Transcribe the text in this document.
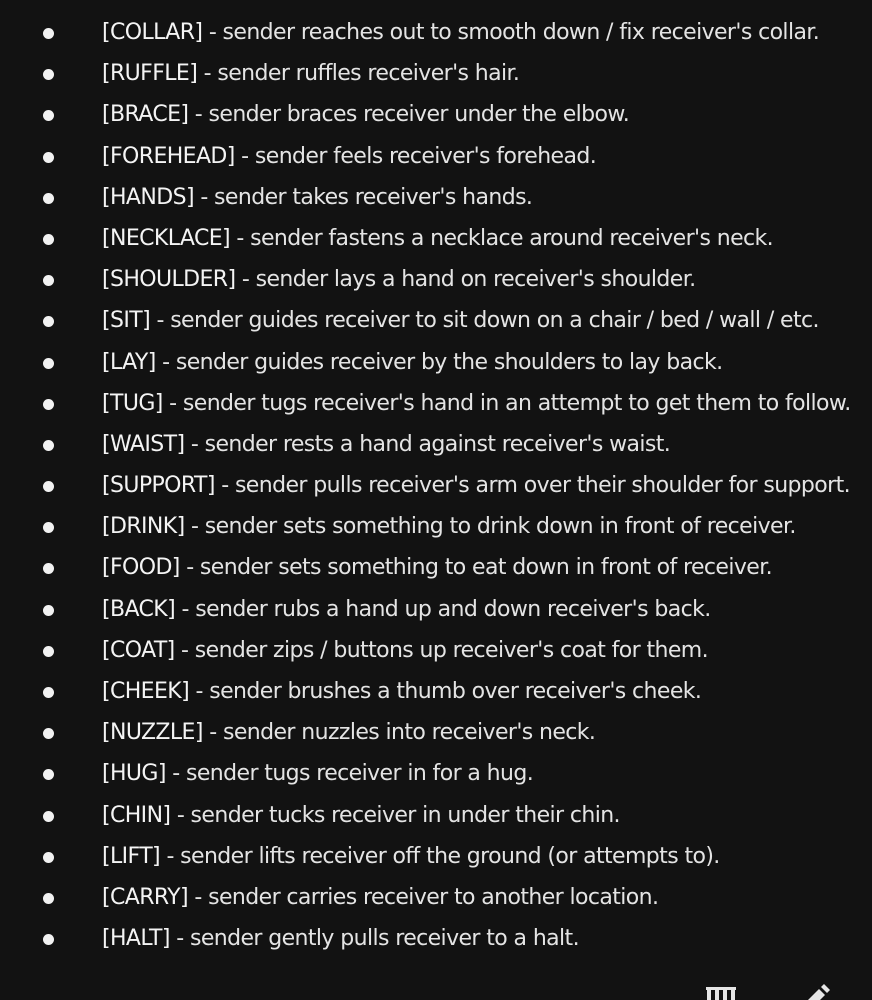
[COLLAR] - sender reaches out to smooth down / fix receiver's collar.
[RUFFLE] - sender ruffles receiver's hair.
[BRACE] - sender braces receiver under the elbow.
[FOREHEAD] - sender feels receiver's forehead.
[HANDS] - sender takes receiver's hands.
[NECKLACE] - sender fastens a necklace around receiver's neck.
[SHOULDER] - sender lays a hand on receiver's shoulder.
[SIT] - sender guides receiver to sit down on a chair / bed / wall / etc.
[LAY] - sender guides receiver by the shoulders to lay back.
[TUG] - sender tugs receiver's hand in an attempt to get them to follow.
[WAIST] - sender rests a hand against receiver's waist.
[SUPPORT] - sender pulls receiver's arm over their shoulder for support.
[DRINK] - sender sets something to drink down in front of receiver.
[FOOD] - sender sets something to eat down in front of receiver.
[BACK] - sender rubs a hand up and down receiver's back.
[COAT] - sender zips / buttons up receiver's coat for them.
[CHEEK] - sender brushes a thumb over receiver's cheek.
[NUZZLE] - sender nuzzles into receiver's neck.
[HUG] - sender tugs receiver in for a hug.
[CHIN] - sender tucks receiver in under their chin.
[LIFT] - sender lifts receiver off the ground (or attempts to).
[CARRY] - sender carries receiver to another location.
[HALT] - sender gently pulls receiver to a halt.
